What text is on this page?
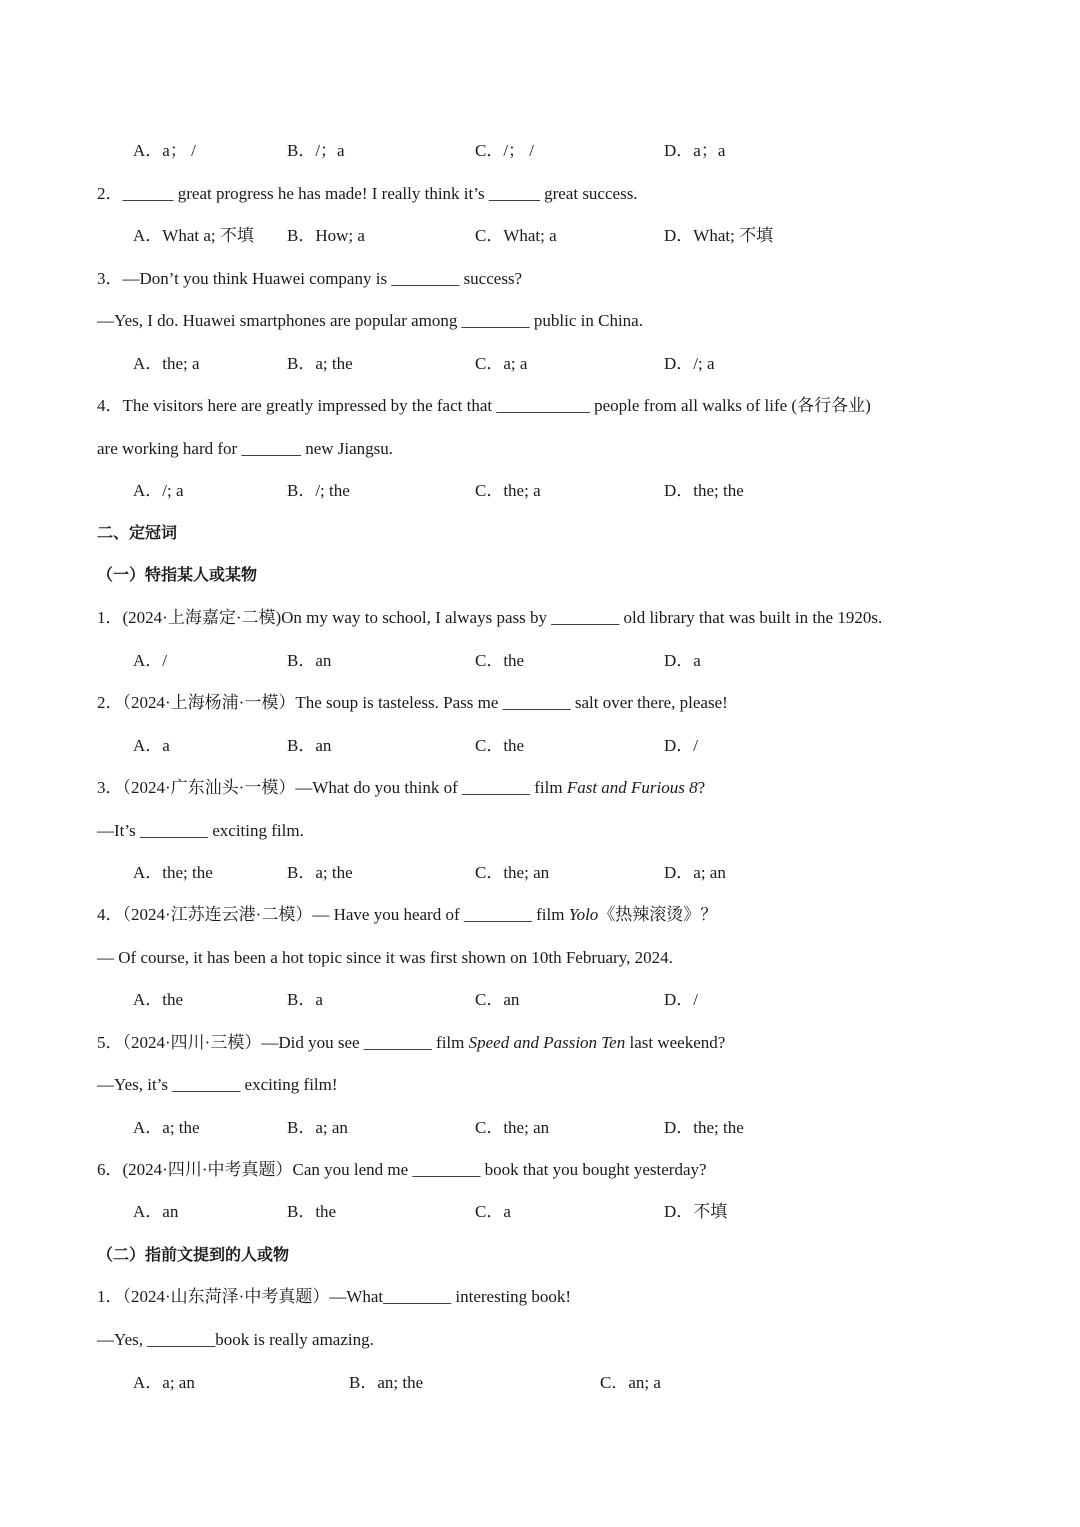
A．a； /	B．/；a	C．/； /	D．a；a
2．______ great progress he has made! I really think it’s ______ great success.
A．What a; 不填 B．How; a	C．What; a	D．What; 不填
3．—Don’t you think Huawei company is ________ success?
—Yes, I do. Huawei smartphones are popular among ________ public in China.
A．the; a	B．a; the	C．a; a	D．/; a
4．The visitors here are greatly impressed by the fact that ___________ people from all walks of life (各行各业)
are working hard for _______ new Jiangsu.
A．/; a	B．/; the	C．the; a	D．the; the
二、定冠词
（一）特指某人或某物
1．(2024·上海嘉定·二模)On my way to school, I always pass by ________ old library that was built in the 1920s.
A．/	B．an	C．the	D．a
2．（2024·上海杨浦·一模）The soup is tasteless. Pass me ________ salt over there, please!
A．a	B．an	C．the	D．/
3．（2024·广东汕头·一模）—What do you think of ________ film Fast and Furious 8?
—It’s ________ exciting film.
A．the; the	B．a; the	C．the; an	D．a; an
4．（2024·江苏连云港·二模）— Have you heard of ________ film Yolo《热辣滚烫》？
— Of course, it has been a hot topic since it was first shown on 10th February, 2024.
A．the	B．a	C．an	D．/
5．（2024·四川·三模）—Did you see ________ film Speed and Passion Ten last weekend?
—Yes, it’s ________ exciting film!
A．a; the	B．a; an	C．the; an	D．the; the
6．(2024·四川·中考真题）Can you lend me ________ book that you bought yesterday?
A．an	B．the	C．a	D．不填
（二）指前文提到的人或物
1．（2024·山东菏泽·中考真题）—What________ interesting book!
—Yes, ________book is really amazing.
A．a; an	B．an; the	C．an; a
